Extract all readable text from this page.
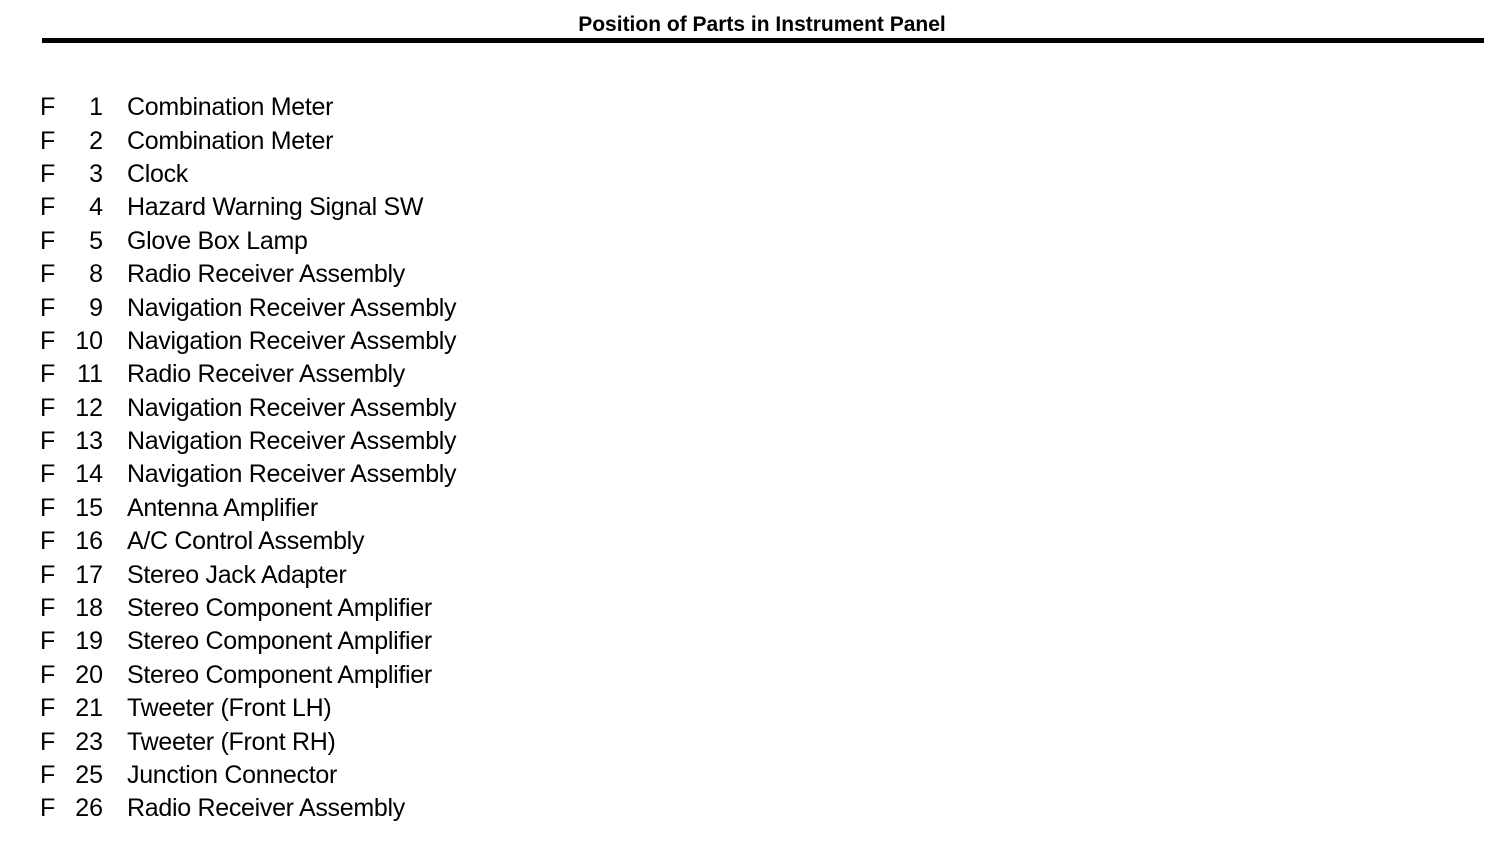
Position of Parts in Instrument Panel
F	1 Combination Meter
F	2 Combination Meter
F	3 Clock
F	4 Hazard Warning Signal SW
F	5 Glove Box Lamp
F	8 Radio Receiver Assembly
F	9 Navigation Receiver Assembly
F 10 Navigation Receiver Assembly
F 11 Radio Receiver Assembly
F 12 Navigation Receiver Assembly
F 13 Navigation Receiver Assembly
F 14 Navigation Receiver Assembly
F 15 Antenna Amplifier
F 16 A/C Control Assembly
F 17 Stereo Jack Adapter
F 18 Stereo Component Amplifier
F 19 Stereo Component Amplifier
F 20 Stereo Component Amplifier
F 21 Tweeter (Front LH)
F 23 Tweeter (Front RH)
F 25 Junction Connector
F 26 Radio Receiver Assembly
